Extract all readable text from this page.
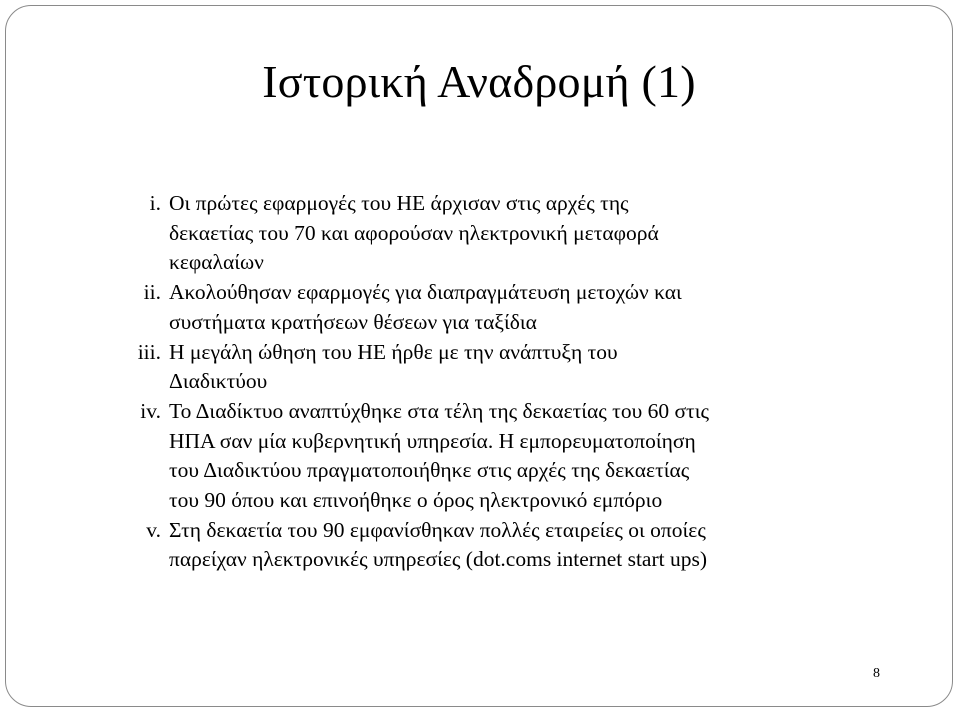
Ιστορική Αναδρομή (1)
i. Οι πρώτες εφαρμογές του ΗΕ άρχισαν στις αρχές της
δεκαετίας του 70 και αφορούσαν ηλεκτρονική μεταφορά
κεφαλαίων
ii. Ακολούθησαν εφαρμογές για διαπραγμάτευση μετοχών και
συστήματα κρατήσεων θέσεων για ταξίδια
iii. Η μεγάλη ώθηση του ΗΕ ήρθε με την ανάπτυξη του
Διαδικτύου
iv. Το Διαδίκτυο αναπτύχθηκε στα τέλη της δεκαετίας του 60 στις
ΗΠΑ σαν μία κυβερνητική υπηρεσία. Η εμπορευματοποίηση
του Διαδικτύου πραγματοποιήθηκε στις αρχές της δεκαετίας
του 90 όπου και επινοήθηκε ο όρος ηλεκτρονικό εμπόριο
v. Στη δεκαετία του 90 εμφανίσθηκαν πολλές εταιρείες οι οποίες
παρείχαν ηλεκτρονικές υπηρεσίες (dot.coms internet start ups)
8
